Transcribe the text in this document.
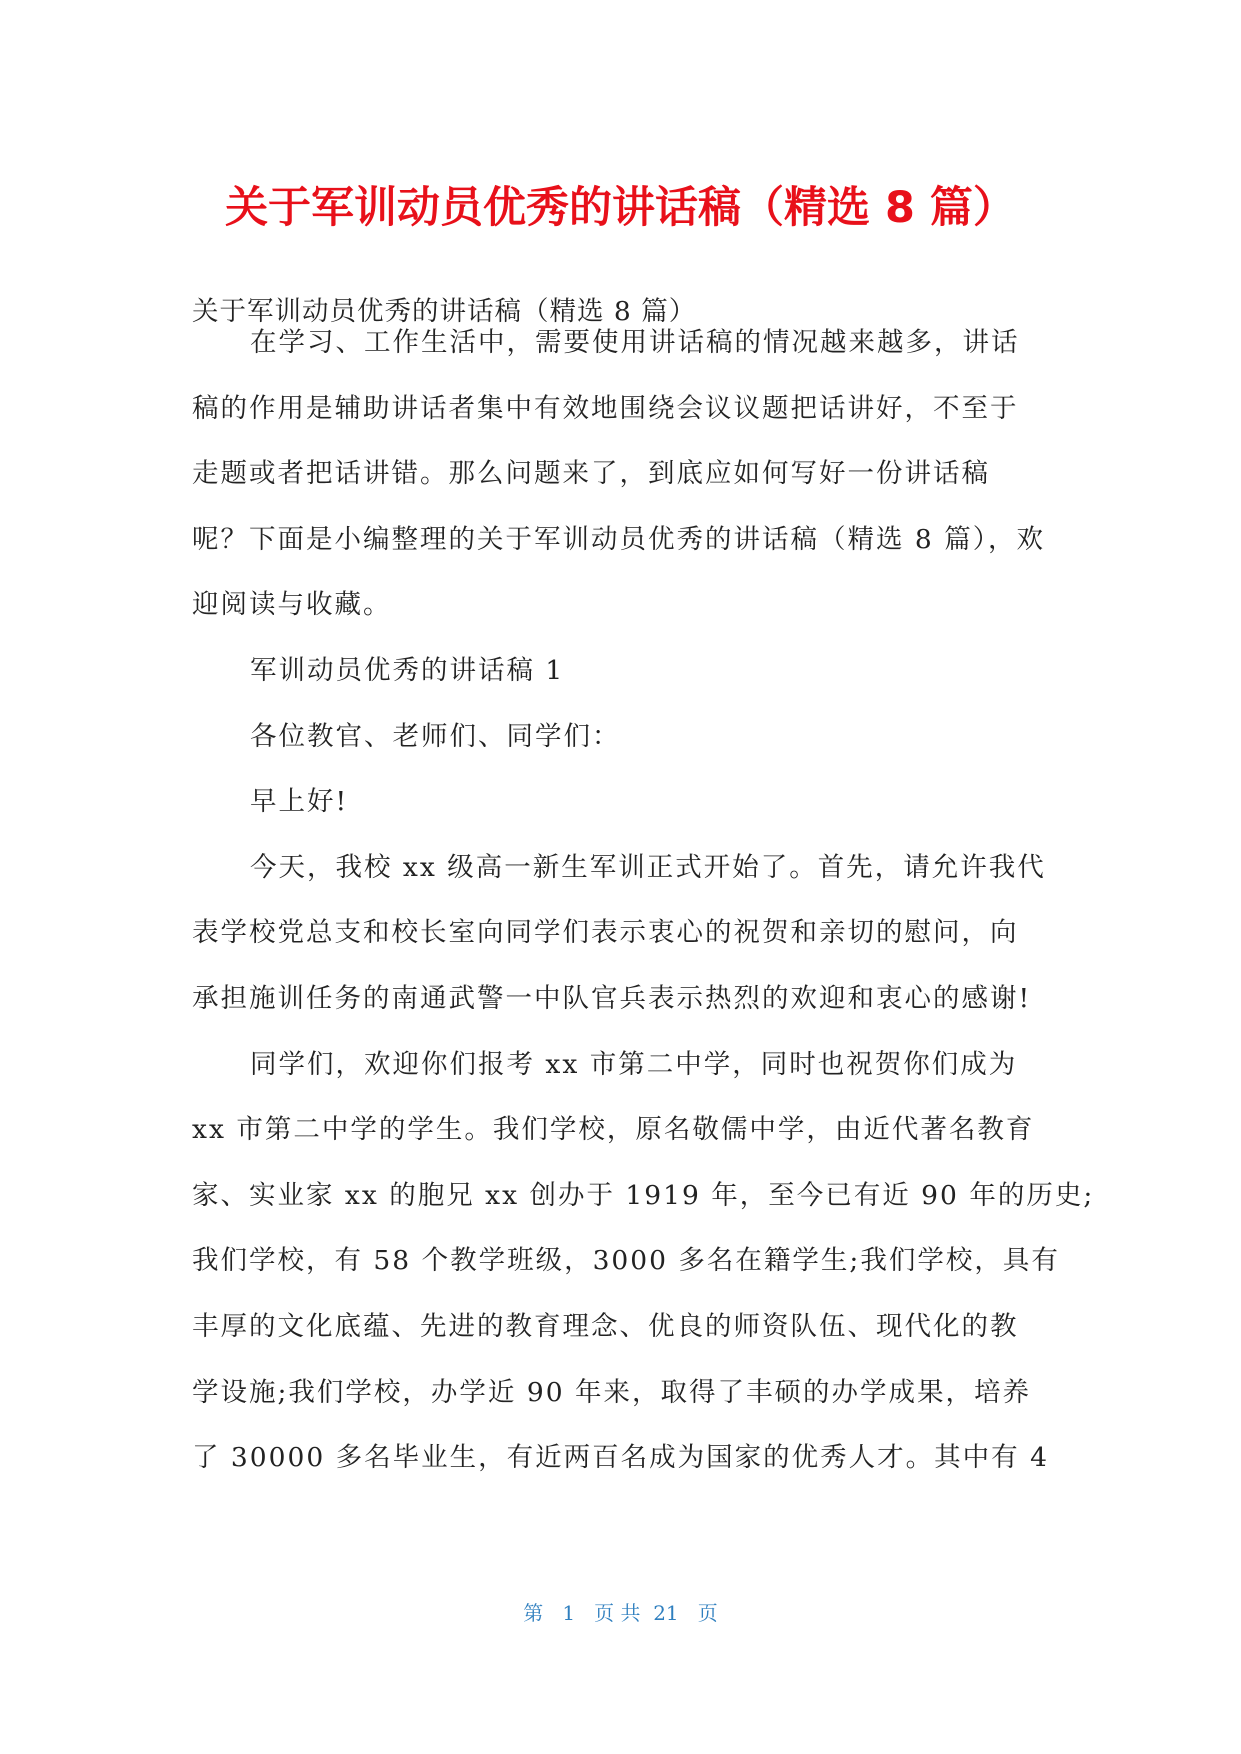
关于军训动员优秀的讲话稿（精选 8 篇）
关于军训动员优秀的讲话稿（精选 8 篇）
在学习、工作生活中，需要使用讲话稿的情况越来越多，讲话
稿的作用是辅助讲话者集中有效地围绕会议议题把话讲好，不至于
走题或者把话讲错。那么问题来了，到底应如何写好一份讲话稿
呢？下面是小编整理的关于军训动员优秀的讲话稿（精选 8 篇），欢
迎阅读与收藏。
军训动员优秀的讲话稿 1
各位教官、老师们、同学们：
早上好!
今天，我校 xx 级高一新生军训正式开始了。首先，请允许我代
表学校党总支和校长室向同学们表示衷心的祝贺和亲切的慰问，向
承担施训任务的南通武警一中队官兵表示热烈的欢迎和衷心的感谢!
同学们，欢迎你们报考 xx 市第二中学，同时也祝贺你们成为
xx 市第二中学的学生。我们学校，原名敬儒中学，由近代著名教育
家、实业家 xx 的胞兄 xx 创办于 1919 年，至今已有近 90 年的历史;
我们学校，有 58 个教学班级，3000 多名在籍学生;我们学校，具有
丰厚的文化底蕴、先进的教育理念、优良的师资队伍、现代化的教
学设施;我们学校，办学近 90 年来，取得了丰硕的办学成果，培养
了 30000 多名毕业生，有近两百名成为国家的优秀人才。其中有 4
第   1   页 共  21   页
